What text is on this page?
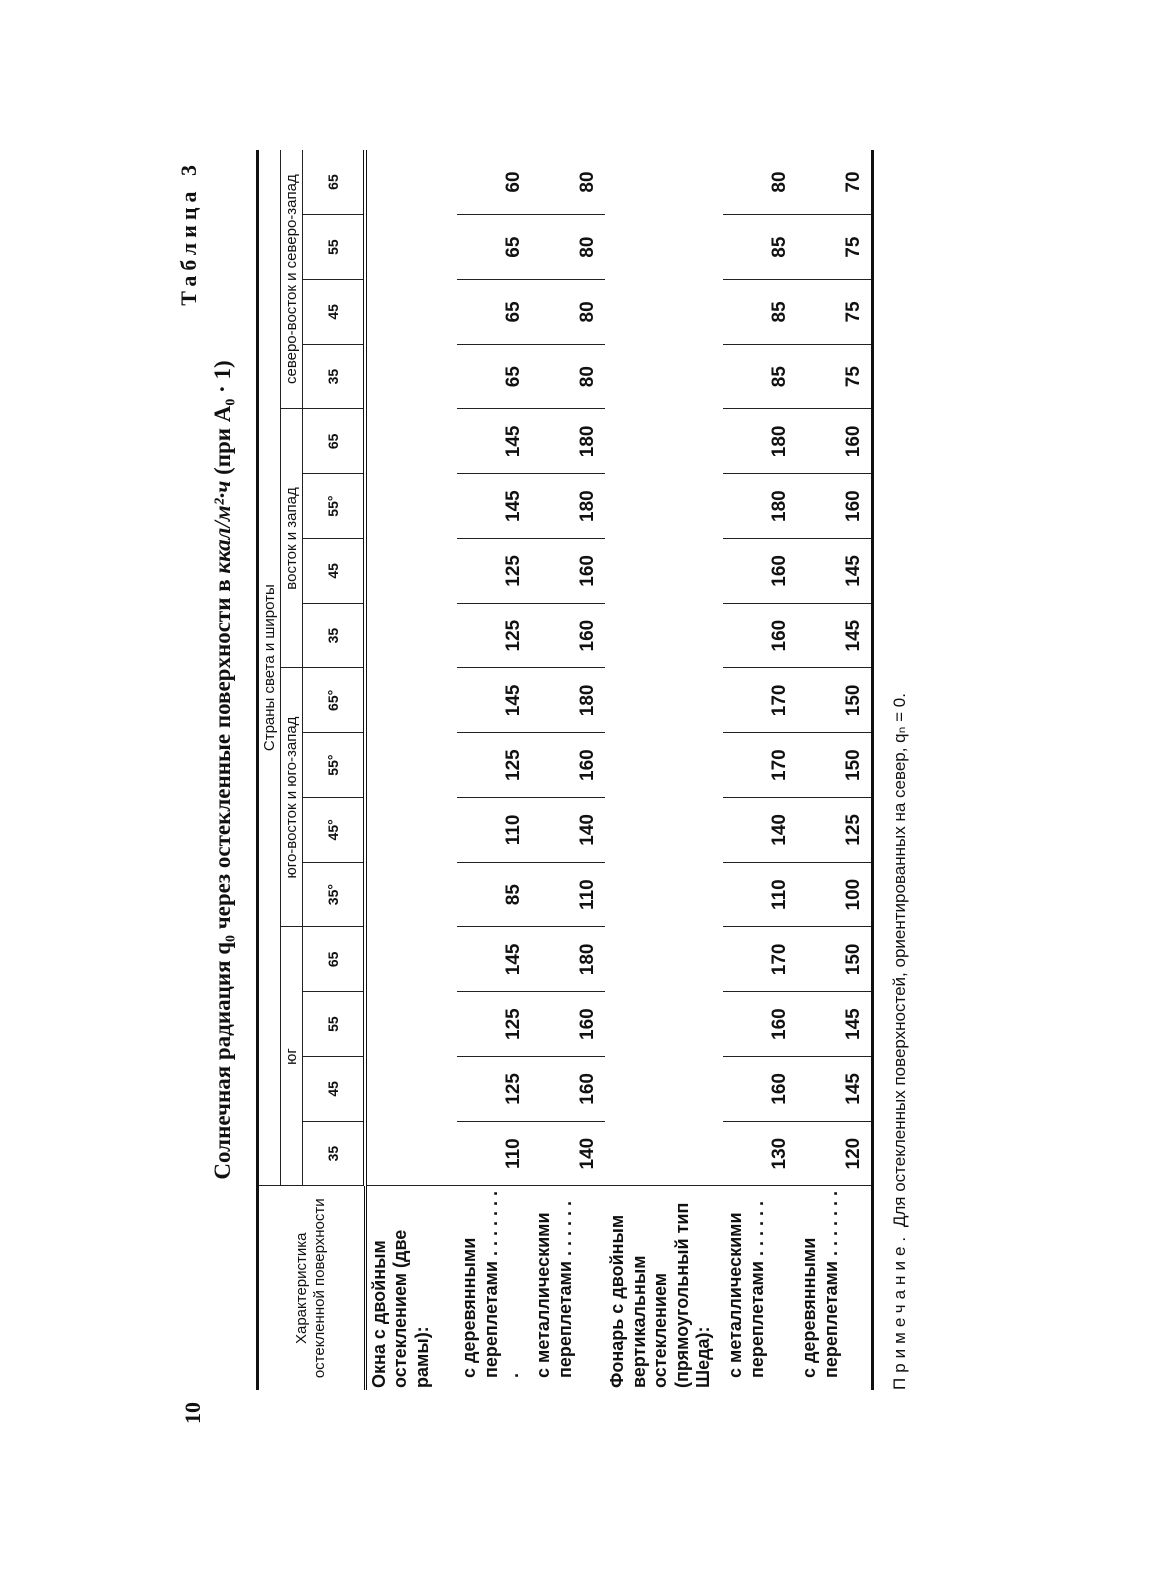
10
Таблица 3
Солнечная радиация q₀ через остекленные поверхности в ккал/м²·ч (при A₀ · 1)
Характеристика остекленной поверхности	Страны света и широты															
	юг				юго-восток и юго-запад				восток и запад				северо-восток и северо-запад			
	35	45	55	65	35°	45°	55°	65°	35	45	55°	65	35	45	55	65
Окна с двойным остеклением (две рамы):																
с деревянными переплетами . . . . . . . .	110	125	125	145	85	110	125	145	125	125	145	145	65	65	65	60
с металлическими переплетами . . . . . .	140	160	160	180	110	140	160	180	160	160	180	180	80	80	80	80
Фонарь с двойным вертикальным остеклением (прямоугольный тип Шеда):																
с металлическими переплетами . . . . . .	130	160	160	170	110	140	170	170	160	160	180	180	85	85	85	80
с деревянными переплетами . . . . . . .	120	145	145	150	100	125	150	150	145	145	160	160	75	75	75	70
Примечание. Для остекленных поверхностей, ориентированных на север, qₙ = 0.
